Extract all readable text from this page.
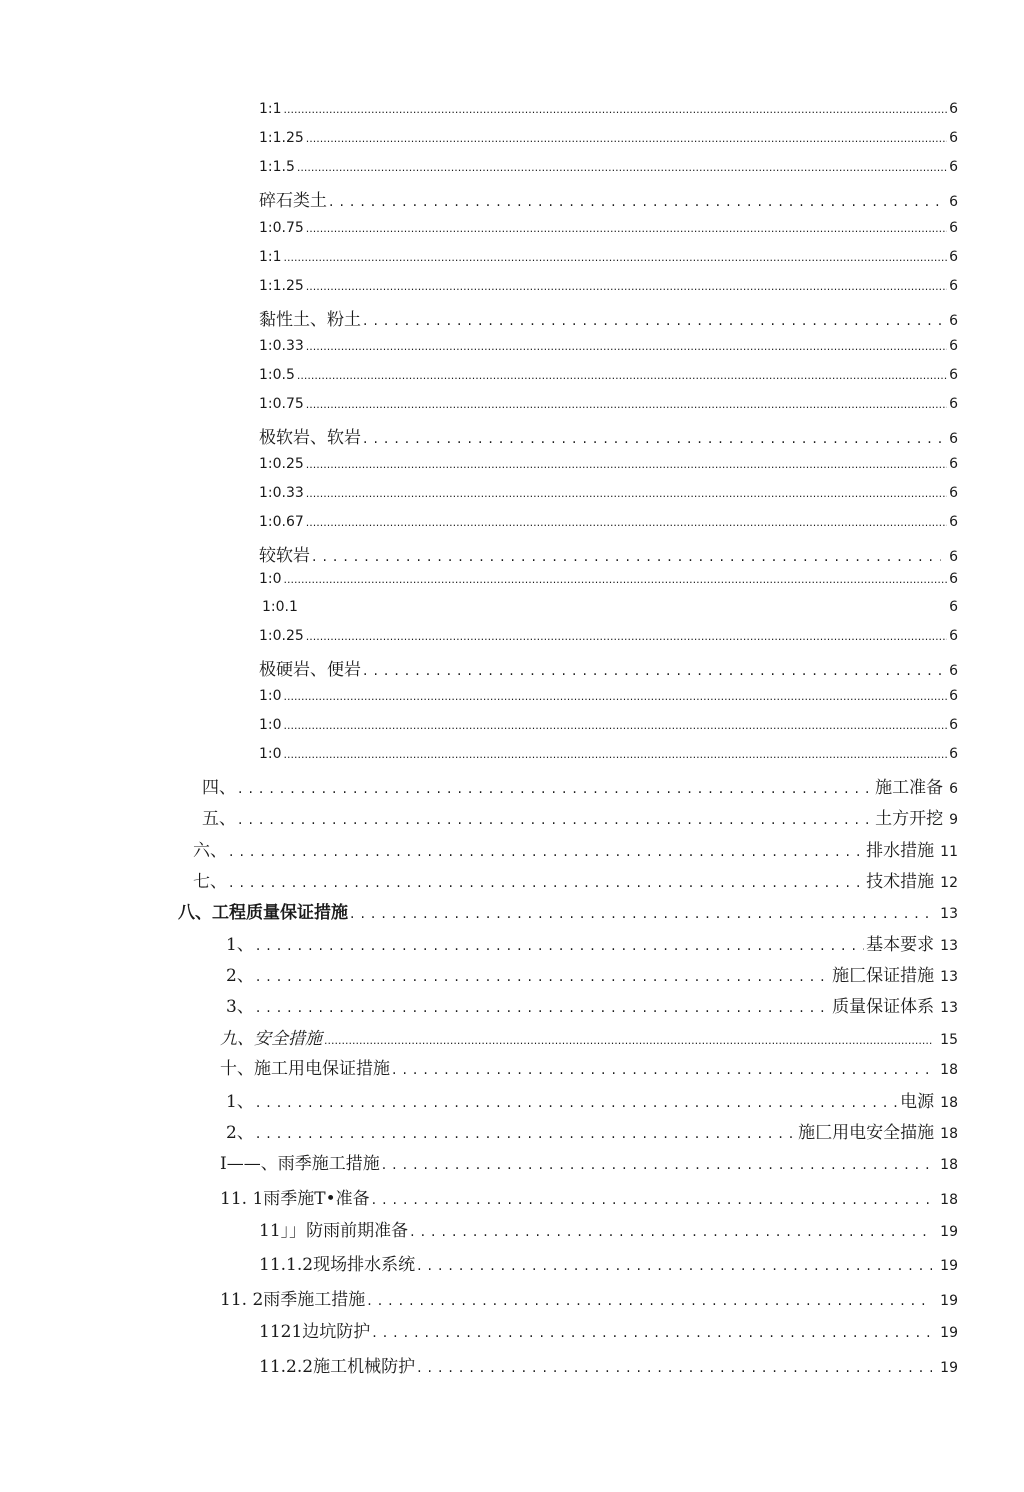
1:1 .....	6
1:1.25 .....	6
1:1.5 .....	6
碎石类土 .....	6
1:0.75 .....	6
1:1 .....	6
1:1.25 .....	6
黏性土、粉土 .....	6
1:0.33 .....	6
1:0.5 .....	6
1:0.75 .....	6
极软岩、软岩 .....	6
1:0.25 .....	6
1:0.33 .....	6
1:0.67 .....	6
较软岩 .....	6
1:0 .....	6
1:0.1	6
1:0.25 .....	6
极硬岩、便岩 .....	6
1:0 .....	6
1:0 .....	6
1:0 .....	6
四、 .....	施工准备 6
五、 .....	土方开挖 9
六、 .....	排水措施 11
七、 .....	技术措施 12
八、工程质量保证措施 .....	13
1、 .....	基本要求 13
2、 .....	施匚保证措施 13
3、 .....	质量保证体系 13
九、安全措施 .....	15
十、施工用电保证措施 .....	18
1、 .....	电源 18
2、 .....	施匚用电安全描施 18
I——、雨季施工措施 .....	18
11. 1雨季施T•准备 .....	18
11」」防雨前期准备 .....	19
11.1.2现场排水系统 .....	19
11. 2雨季施工措施 .....	19
1121边坑防护 .....	19
11.2.2施工机械防护 .....	19
